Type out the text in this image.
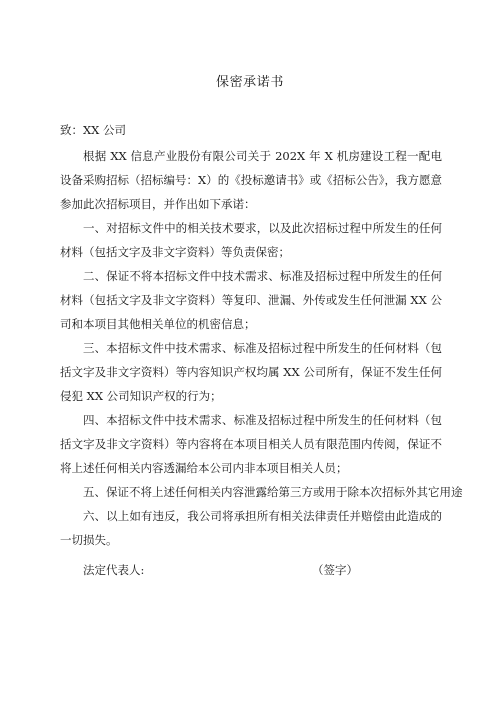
保密承诺书
致：XX 公司

根据 XX 信息产业股份有限公司关于 202X 年 X 机房建设工程一配电设备采购招标（招标编号：X）的《投标邀请书》或《招标公告》，我方愿意参加此次招标项目，并作出如下承诺：

一、对招标文件中的相关技术要求，以及此次招标过程中所发生的任何材料（包括文字及非文字资料）等负责保密；

二、保证不将本招标文件中技术需求、标准及招标过程中所发生的任何材料（包括文字及非文字资料）等复印、泄漏、外传或发生任何泄漏 XX 公司和本项目其他相关单位的机密信息；

三、本招标文件中技术需求、标准及招标过程中所发生的任何材料（包括文字及非文字资料）等内容知识产权均属 XX 公司所有，保证不发生任何侵犯 XX 公司知识产权的行为；

四、本招标文件中技术需求、标准及招标过程中所发生的任何材料（包括文字及非文字资料）等内容将在本项目相关人员有限范围内传阅，保证不将上述任何相关内容透漏给本公司内非本项目相关人员；

五、保证不将上述任何相关内容泄露给第三方或用于除本次招标外其它用途

六、以上如有违反，我公司将承担所有相关法律责任并赔偿由此造成的一切损失。

法定代表人:	（签字）
